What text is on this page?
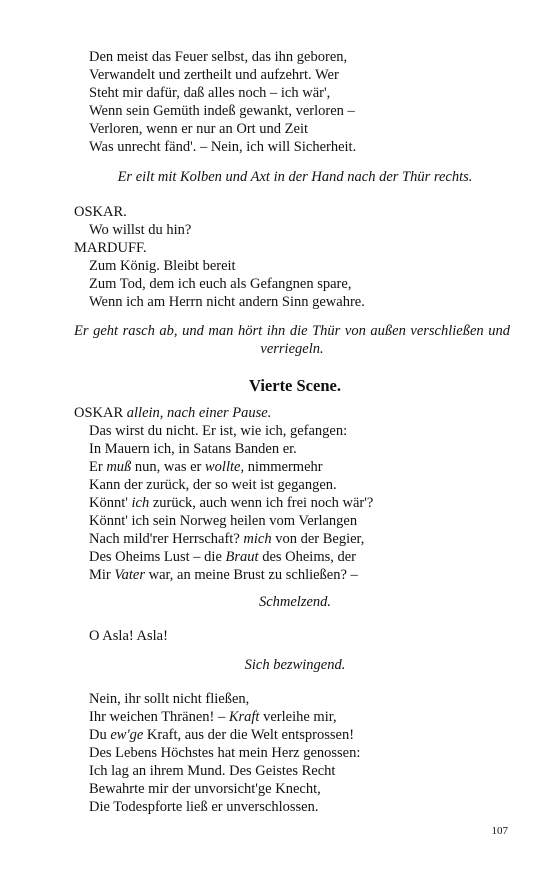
Den meist das Feuer selbst, das ihn geboren,
Verwandelt und zertheilt und aufzehrt. Wer
Steht mir dafür, daß alles noch – ich wär',
Wenn sein Gemüth indeß gewankt, verloren –
Verloren, wenn er nur an Ort und Zeit
Was unrecht fänd'. – Nein, ich will Sicherheit.
Er eilt mit Kolben und Axt in der Hand nach der Thür rechts.
OSKAR.
Wo willst du hin?
MARDUFF.
Zum König. Bleibt bereit
Zum Tod, dem ich euch als Gefangnen spare,
Wenn ich am Herrn nicht andern Sinn gewahre.
Er geht rasch ab, und man hört ihn die Thür von außen verschließen und verriegeln.
Vierte Scene.
OSKAR allein, nach einer Pause.
Das wirst du nicht. Er ist, wie ich, gefangen:
In Mauern ich, in Satans Banden er.
Er muß nun, was er wollte, nimmermehr
Kann der zurück, der so weit ist gegangen.
Könnt' ich zurück, auch wenn ich frei noch wär'?
Könnt' ich sein Norweg heilen vom Verlangen
Nach mild'rer Herrschaft? mich von der Begier,
Des Oheims Lust – die Braut des Oheims, der
Mir Vater war, an meine Brust zu schließen? –
Schmelzend.
O Asla! Asla!
Sich bezwingend.
Nein, ihr sollt nicht fließen,
Ihr weichen Thränen! – Kraft verleihe mir,
Du ew'ge Kraft, aus der die Welt entsprossen!
Des Lebens Höchstes hat mein Herz genossen:
Ich lag an ihrem Mund. Des Geistes Recht
Bewahrte mir der unvorsicht'ge Knecht,
Die Todespforte ließ er unverschlossen.
107
